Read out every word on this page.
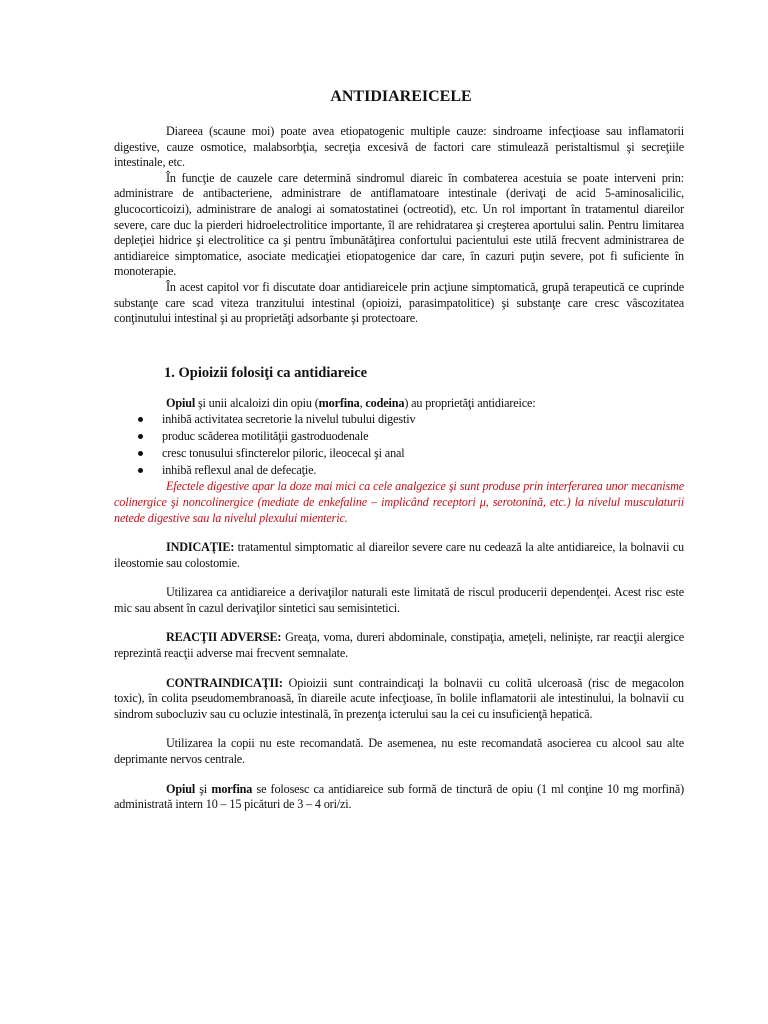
ANTIDIAREICELE

Diareea (scaune moi) poate avea etiopatogenic multiple cauze: sindroame infecţioase sau inflamatorii digestive, cauze osmotice, malabsorbţia, secreţia excesivă de factori care stimulează peristaltismul şi secreţiile intestinale, etc.

În funcţie de cauzele care determină sindromul diareic în combaterea acestuia se poate interveni prin: administrare de antibacteriene, administrare de antiflamatoare intestinale (derivaţi de acid 5-aminosalicilic, glucocorticoizi), administrare de analogi ai somatostatinei (octreotid), etc. Un rol important în tratamentul diareilor severe, care duc la pierderi hidroelectrolitice importante, îl are rehidratarea şi creşterea aportului salin. Pentru limitarea depleţiei hidrice şi electrolitice ca şi pentru îmbunătăţirea confortului pacientului este utilă frecvent administrarea de antidiareice simptomatice, asociate medicaţiei etiopatogenice dar care, în cazuri puţin severe, pot fi suficiente în monoterapie.

În acest capitol vor fi discutate doar antidiareicele prin acţiune simptomatică, grupă terapeutică ce cuprinde substanţe care scad viteza tranzitului intestinal (opioizi, parasimpatolitice) şi substanţe care cresc vâscozitatea conţinutului intestinal şi au proprietăţi adsorbante şi protectoare.

1. Opioizii folosiţi ca antidiareice

Opiul şi unii alcaloizi din opiu (morfina, codeina) au proprietăţi antidiareice:

inhibă activitatea secretorie la nivelul tubului digestiv
produc scăderea motilităţii gastroduodenale
cresc tonusului sfincterelor piloric, ileocecal şi anal
inhibă reflexul anal de defecaţie.

Efectele digestive apar la doze mai mici ca cele analgezice şi sunt produse prin interferarea unor mecanisme colinergice şi noncolinergice (mediate de enkefaline – implicând receptori μ, serotonină, etc.) la nivelul musculaturii netede digestive sau la nivelul plexului mienteric.

INDICAŢIE: tratamentul simptomatic al diareilor severe care nu cedează la alte antidiareice, la bolnavii cu ileostomie sau colostomie.

Utilizarea ca antidiareice a derivaţilor naturali este limitată de riscul producerii dependenţei. Acest risc este mic sau absent în cazul derivaţilor sintetici sau semisintetici.

REACŢII ADVERSE: Greaţa, voma, dureri abdominale, constipaţia, ameţeli, nelinişte, rar reacţii alergice reprezintă reacţii adverse mai frecvent semnalate.

CONTRAINDICAŢII: Opioizii sunt contraindicaţi la bolnavii cu colită ulceroasă (risc de megacolon toxic), în colita pseudomembranoasă, în diareile acute infecţioase, în bolile inflamatorii ale intestinului, la bolnavii cu sindrom subocluziv sau cu ocluzie intestinală, în prezenţa icterului sau la cei cu insuficienţă hepatică.

Utilizarea la copii nu este recomandată. De asemenea, nu este recomandată asocierea cu alcool sau alte deprimante nervos centrale.

Opiul şi morfina se folosesc ca antidiareice sub formă de tinctură de opiu (1 ml conţine 10 mg morfină) administrată intern 10 – 15 picături de 3 – 4 ori/zi.
